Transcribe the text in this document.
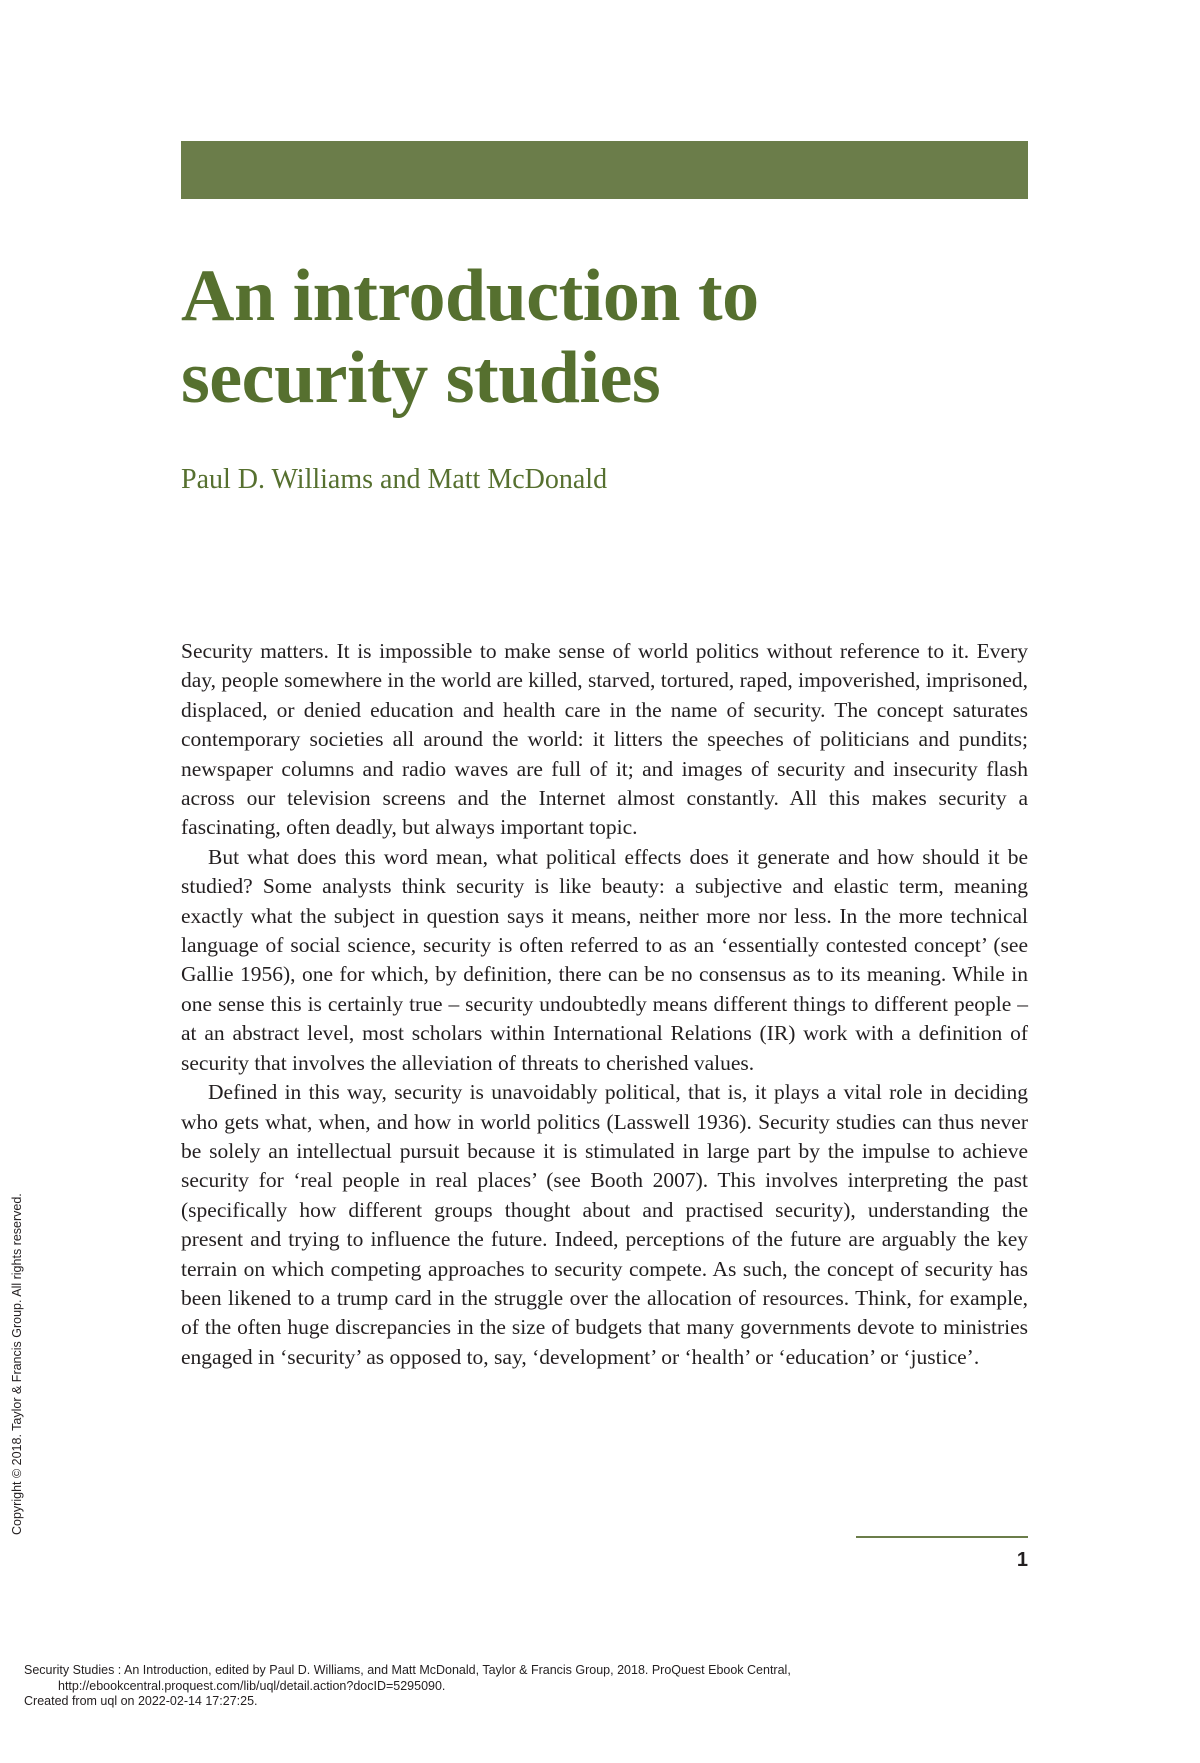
An introduction to
security studies

Paul D. Williams and Matt McDonald

Security matters. It is impossible to make sense of world politics without reference to it. Every day, people somewhere in the world are killed, starved, tortured, raped, impoverished, imprisoned, displaced, or denied education and health care in the name of security. The concept saturates contemporary societies all around the world: it litters the speeches of politicians and pundits; newspaper columns and radio waves are full of it; and images of security and insecurity flash across our television screens and the Internet almost constantly. All this makes security a fascinating, often deadly, but always important topic.

But what does this word mean, what political effects does it generate and how should it be studied? Some analysts think security is like beauty: a subjective and elastic term, meaning exactly what the subject in question says it means, neither more nor less. In the more technical language of social science, security is often referred to as an ‘essentially contested concept’ (see Gallie 1956), one for which, by definition, there can be no consensus as to its meaning. While in one sense this is certainly true – security undoubtedly means different things to different people – at an abstract level, most scholars within International Relations (IR) work with a definition of security that involves the alleviation of threats to cherished values.

Defined in this way, security is unavoidably political, that is, it plays a vital role in deciding who gets what, when, and how in world politics (Lasswell 1936). Security studies can thus never be solely an intellectual pursuit because it is stimulated in large part by the impulse to achieve security for ‘real people in real places’ (see Booth 2007). This involves interpreting the past (specifically how different groups thought about and practised security), understanding the present and trying to influence the future. Indeed, perceptions of the future are arguably the key terrain on which competing approaches to security compete. As such, the concept of security has been likened to a trump card in the struggle over the allocation of resources. Think, for example, of the often huge discrepancies in the size of budgets that many governments devote to ministries engaged in ‘security’ as opposed to, say, ‘development’ or ‘health’ or ‘education’ or ‘justice’.

1
Copyright © 2018. Taylor & Francis Group. All rights reserved.
Security Studies : An Introduction, edited by Paul D. Williams, and Matt McDonald, Taylor & Francis Group, 2018. ProQuest Ebook Central,
http://ebookcentral.proquest.com/lib/uql/detail.action?docID=5295090.
Created from uql on 2022-02-14 17:27:25.
